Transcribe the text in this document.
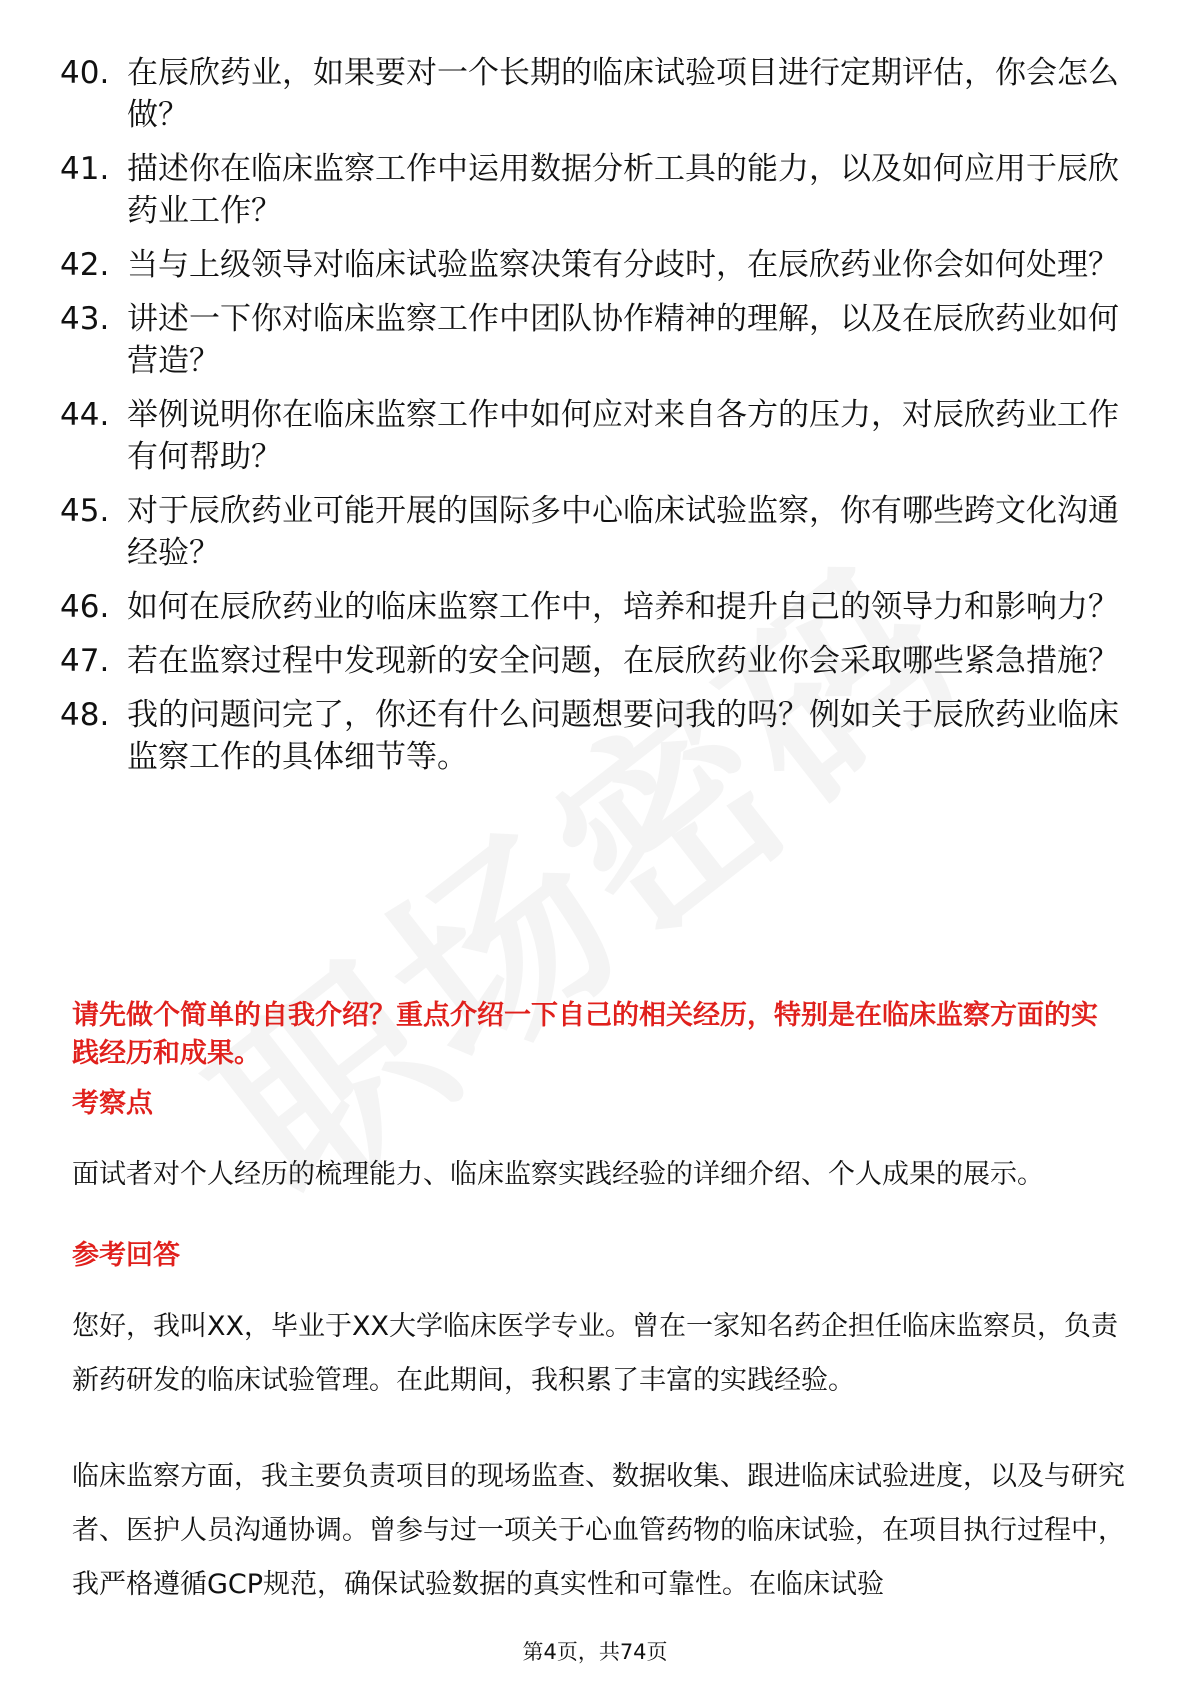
40. 在辰欣药业，如果要对一个长期的临床试验项目进行定期评估，你会怎么做？
41. 描述你在临床监察工作中运用数据分析工具的能力，以及如何应用于辰欣药业工作？
42. 当与上级领导对临床试验监察决策有分歧时，在辰欣药业你会如何处理？
43. 讲述一下你对临床监察工作中团队协作精神的理解，以及在辰欣药业如何营造？
44. 举例说明你在临床监察工作中如何应对来自各方的压力，对辰欣药业工作有何帮助？
45. 对于辰欣药业可能开展的国际多中心临床试验监察，你有哪些跨文化沟通经验？
46. 如何在辰欣药业的临床监察工作中，培养和提升自己的领导力和影响力？
47. 若在监察过程中发现新的安全问题，在辰欣药业你会采取哪些紧急措施？
48. 我的问题问完了，你还有什么问题想要问我的吗？例如关于辰欣药业临床监察工作的具体细节等。
请先做个简单的自我介绍？重点介绍一下自己的相关经历，特别是在临床监察方面的实践经历和成果。
考察点
面试者对个人经历的梳理能力、临床监察实践经验的详细介绍、个人成果的展示。
参考回答
您好，我叫XX，毕业于XX大学临床医学专业。曾在一家知名药企担任临床监察员，负责新药研发的临床试验管理。在此期间，我积累了丰富的实践经验。
临床监察方面，我主要负责项目的现场监查、数据收集、跟进临床试验进度，以及与研究者、医护人员沟通协调。曾参与过一项关于心血管药物的临床试验，在项目执行过程中，我严格遵循GCP规范，确保试验数据的真实性和可靠性。在临床试验
第4页，共74页
